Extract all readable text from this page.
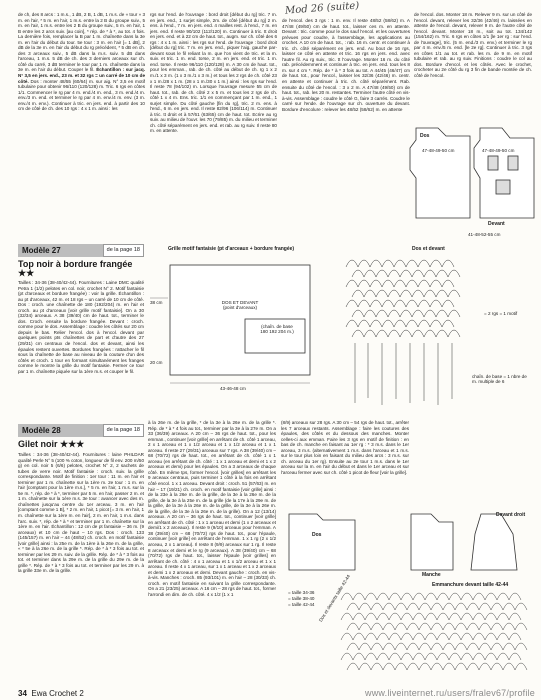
Mod 26 (suite)
de ch, des 8 arcs : 1 m.s., 1 dB, 2 B, 1 dB, 1 m.s. de « tour » 3 m. en l'air, * 5 m. en l'air, 1 m.s. entre la 2 B du groupe suiv., 5 m. en l'air, 1 m.s. entre les 2 B du groupe suiv., 5 m. en l'air, 1 B entre les 2 arcs suiv. [au coin], * rép. de * à *, au tot. 4 fois. La dernière fois, remplacer la B par 1 m. chaînette dans la 3e m. en l'air du début du tour. 5e tour : 3 m. en l'air [= 1 dB], 2 dB de la 3e m. en l'air du début du rg précédent, * 5 dB en ch. des 3 arceaux suiv., 5 dB dans la m.s. suiv. 5 dB dans l'arceau, 1 m.s. 5 dB de ch. des 3 derniers arceaux sur ch. côté du carré, 3 dB terminer le tour par 1 m. chaînette dans la 3e m. en l'air du début. Couper le fil. Échantillon : sur jacq. N° 3,5 en jers. end., 23 m. et 32 rgs = un carré de 10 cm de côté. Dos : monter 48/55 (60/64) m. sur aig. N° 3,5 en motif tubulaire pour obtenir 96/110 (120/128) m. Tric. 6 rgs en côtes 1/1. Commencer le rg par 4 m. end./4 m. end., 3 m. end./4 m. env./3 m. end. et terminer le rg par 4 m. env./4 m. env. (3 m. env./4 m. env.). Continuer à tric. en jers. end. à partir des 10 cm de côté de ch. des 10 rgs : 4 x 1 m. ainsi : les
rgs sur l'end. de l'ouvrage : bord droit [début du rg] tric. 7 m. en jers. end., 1 surjet simple, 2m. de côté [début du rg] 2 m. ens. à l'end., 7 m. en jers. end. 4 mailles rest. à l'end., 7 m. en jers. end. Il reste 90/102 (112/120) m. Continuer à tric. tt droit en jers. end. et à 22 cm de haut. tot., augm. sur ch. côté des 6 rgs : 4 x 1 m. ainsi : les rgs sur l'end. de l'ouvrage : bord droit [début du rg] tric. 7 m. en jers. end., piquer l'aig. gauche par-devant sous le fil reliant la m. que l'on vient de tric. et la m. suiv. et tric. 1 m. end. torse, 2 m. en jers. end. et tric. 1 m. end. torse. Il reste 96/110 (120/128) m. A 30 cm de haut. tot., pour les emman., rab. de ch. côté au début de ch. rg 1 x 2 m./1 x 3 m. (1 x 3 m./1 x 3 m.) et tous les 2 rgs de ch. côté 23 x 1 m./28 x 1 m. (28 x 1 m./30 x 1 m.) ainsi : les rgs sur l'end. Il reste 78 (94/102) m. Lorsque l'ouvrage mesure 55 cm de haut. tot., rab. de ch. côté 2 x 5 m. et tous les 2 rgs de ch. côté 1 x 4 m. Ens. tric. 1/1 en commençant par 1 m. end., 1 surjet simple. Du côté gauche [fin du rg], tric. 2 m. ens. à l'end., 6 m. en jers. end. Il reste 82/96 (106/114) m. Continuer à tric. tt droit et à 57/61 (63/65) cm de haut. tot. Ecrire au rg suiv. au milieu de l'ouvr. les 70 (79/85) m. du milieu et terminer ch. côté séparément en jers. end. et rab. au rg suiv. Il reste 80 m. en attente.
de l'encol. des 3 rgs : 1 m. env. Il reste 48/52 (58/62) m. A 47/48 (49/50) cm de haut. tot., laisser ces m. en attente. Devant : tric. comme pour le dos sauf l'encol. et les ouvertures prévues pour coudre, à l'assemblage, les applications au crochet. A 10 cm de haut. tot., : rab. 16 m. centr. et continuer à tric. ch. côté séparément en jers. end. Au bout de 16 rgs, laisser ce côté en attente et tric. 16 rgs en jers. end. avec l'autre fil. Au rg suiv., tric. tt l'ouvrage. Monter 16 m. du côté rab. précédemment et continuer à tric. en jers. end. tous les 8 m. sur 4 cm *. Rép. de * à * 3 fois au tot. A 44/45 (46/47) cm de haut. tot., pour l'encol., laisser les 32/36 (42/46) m. centr. en attente et continuer à tric. ch. côté séparément. Rab. ensuite du côté de l'encol. : 3 x 2 m. A 47/48 (49/50) cm de haut. tot., rab. les 20 m. restantes. Terminer l'autre côté en vis-à-vis. Assemblage : coudre le côté G, faire 3 carrés. Coudre le carré sur l'ende. de l'ouvrage sur ch. ouverture du devant. Bordure d'encolure : relever les 48/52 (58/62) m. en attente
de l'encol. dos. Monter 18 m. Relever 9 m. sur un côté de l'encol. devant, relever les 32/36 (42/46) m. laissées en attente de l'encol. devant, relever 9 m. de l'autre côté de l'encol. devant. Monter 18 m., soit au tot. 134/142 (154/162) m. Tric. 6 rgs en côtes 1/1 [le 1er rg : sur l'end. de l'ouvrage], tric. (5 m. end./3 m. env.) et terminer le rg par 4 m. env./5 m. end. [le 2e rg]. Continuer à tric. 3 rgs en côtes 1/1 au tot. et rab. les m. de 9 m. en motif tubulaire et rab. au rg suiv. Finitions : coudre le col au dos. Bordure d'encol. et les côtés. Avec le crochet, crocheter au 2e côté du rg 3 fin de bande montée de ch. côté de l'encol.
Dos
Devant
47-48-49-50 cm	47-48-49-50 cm
41-48-52-55 cm
Modèle 27	de la page 18
Top noir à bordure frangée ★★
Tailles : 34-36 (38-40/42-44). Fournitures : Laine DMC qualité Petra 1 (1/2) pelotes en col. noir, crochet N° 2. Motif fantaisie (pt d'arceaux et bordure frangée) : voir la grille. Échantillon : au pt d'arceaux, 42 m. et 18 rgs – un carré de 10 cm de côté. Dos : croch. une chaînette de 180 (192/204) m. en l'air et croch. au pt d'arceaux [voir grille motif fantaisie]. On a 30 (32/34) arceaux. A 38 (39/40) cm de haut. tot., terminer le dos. Croch. ensuite la bordure frangée. Devant : croch. comme pour le dos. Assemblage : coudre les côtés sur 20 cm depuis le bas. Relier l'encol. dos à l'encol. devant par quelques points pts chaînettes de part et d'autre des 27 (29/31) cm centraux de l'encol. dos et devant, ainsi les épaules restent ouvertes. Bordures frangées : rattacher le fil sous la chaînette de base au niveau de la couture d'un des côtés et croch. 1 tour en formant simultanément les franges comme le montre la grille du motif fantaisie. Fermer ce tour par 1 m. chaînette piquée sur la 1ère m.s. et couper le fil.
Grille motif fantaisie (pt d'arceaux + bordure frangée)	Dos et devant
DOS ET DEVANT
(point d'arceaux)
(chaîn. de base
180 192 204 m.)
38 cm
20 cm
43-46-48 cm
= 2 rgs = 1 motif
chaîn. de base = 1 nbre de m. multiple de 6
Modèle 28	de la page 18
Gilet noir ★★★
Tailles : 34-36 (38-40/42-44). Fournitures : laine PHILDAR qualité Perle N° 5 (100 % coton, longueur de fil env. 200 m/50 g) en col. noir 5 (6/6) pelotes, crochet N° 2, 2 sachets de tubes de verre noir. Motif fantaisie : croch. suiv. la grille correspondante. Motif de finition : 1er tour : 11 m. en l'air et terminer par 1 m. chaînette sur la 1ère m. 2e tour : 1 m. en l'air [comptant pour la 1ère m.s.], * 5 m. en l'air, 1 m.s. sur la 5e m. *, rép. de * à *, terminer par 5 m. en l'air, passer 2 m. et 1 m. chaînette sur la 1ère m.s. 3e tour : avancer avec des m. chaînettes jusqu'au centre du 1er arceau. 3 m. en l'air [comptant comme 1 B], * 2 m. en l'air, 1 picot [= 3 m. en l'air, 1 m. chaînette sur la 1ère m. en l'air], 2 m. en l'air, 1 m.s. dans l'arc. suiv. *, rép. de * à * et terminer par 1 m. chaînette sur la 1ère m. en l'air. Échantillon : 12 cm de pt fantaisie – 36 m. (9 arceaux) et 10 cm de haut – 10 rgs. Dos : croch. 133 (145/157) m. en l'air – 44 (48/52) ch. croch. en motif fantaisie [voir grille] ainsi : la 25e m. de la 1ère à la 26e m. de la grille, « * 5e à la 26e m. de la grille *. Rép. de * à * 3 fois au tot. et terminer par les 29 m. suiv. de la grille. Rép. de * à * 3 fois au tot. et terminer dans la 29e m. de la grille du 29e m. de la grille *. Rép. de * à * 3 fois au tot. et terminer par les 29 m. à la grille 33e m. de la grille.
à la 26e m. de la grille, * de la 3e à la 26e m. de la grille *. Rép. de * à * 4 fois au tot., terminer par la 3e à la 27e m. On a 33 (36/39) arceaux. A 20 cm – 36 rgs de haut. tot., pour les emman., continuer [voir grille] en arrêtant de ch. côté 1 arceau, 2 x 1 arceau et 1 x 1/2 arceau et 1 x 1/2 arceau et 1 x 1 arceau. Il reste 27 (29/31) arceaux sur 7 rgs. A 38 (39/40) cm – 68 (70/72) rgs de haut. tot., en arrêtant de ch. côté 1 x 1 arceau (en arrêtant de ch. côté : 1 x 1 arceau et demi et 1 x 2 arceaux et demi) pour les épaules. On a 3 arceaux de chaque côté. En même tps, former l'encol. [voir grilles] en arrêtant les 9 arceaux centraux, puis terminer 1 côté à la fois en arrêtant côté encol. 1 x 1 arceau. Devant droit : croch. 51 (57/63) m. en l'air – 17 (19/21) ch. croch. en motif fantaisie [voir grille] ainsi : de la 23e à la 26e m. de la grille, de la 3e à la 26e m. de la grille, de la 3e à la 25e m. de la grille (de la 17e à la 29e m. de la grille, de la 3e à la 26e m. de la grille, de la 3e à la 26e m. de la grille, de la 3e à la 26e m. de la grille). On a 12 (13/14) arceaux. A 20 cm – 36 rgs de haut. tot., continuer [voir grille] en arrêtant de ch. côté : 1 x 1 arceau et demi (1 x 2 arceaux et demi/1 x 2 arceaux). Il reste 9 (9/10) arceaux pour l'emman. A 38 (39/40) cm – 68 (70/72) rgs de haut. tot., pour l'épaule, continuer [voir grille] en arrêtant de l'emman. 1 x 1 rg (2 x 1/2 arceau, 2 x 1 arceau). Il reste 8 (9/9) arceaux sur 1 rg. Il reste 8 arceaux et demi et le rg (9 arceaux). A 38 (39/40) cm – 68 (70/72) rgs de haut. tot., laisser l'épaule [voir grilles] en arrêtant de ch. côté : 4 x 1 arceau et 1 x 1/2 arceau et 1 x 1 arceau. Il reste 4 x 1 arceau, sur 1 x 1 arceau et 1 x 2 arceaux et demi 1 x 2 arceaux et demi. Devant gauche : croch. en vis-à-vis. Manches : croch. 85 (93/101) m. en l'air – 28 (30/33) ch. croch. en motif fantaisie en suivant la grille correspondante. On a 21 (23/25) arceaux. A 16 cm – 28 rgs de haut. tot., former l'arrondi en dim. de ch. côté. 4 x 1/2 (1 x 1
(8/9) arceaux sur 28 rgs. A 30 cm – 54 rgs de haut. tot., arrêter les 7 arceaux restants. Assemblage : faire les coutures des épaules, des côtés et du dessous des manches. Monter celles-ci aux emman. Faire les 3 rgs en motif de finition : en bas de ch. manche en faisant au 1er rg : * 3 m.s. dans le 1er arceau, 3 m.s. (alternativement 1 m.s. dans l'arceau et 1 m.s. sur le tour plus loin en faisant du milieu des arcs : 3 m.s. sur ch. arceau du 1er rg). Ensuite au 2e tour 1 m.s. dans le 1er arceau sur la m. en l'air du début et dans le 1er arceau et sur l'arceau fermer avec sur ch. côté 1 picot de fleur [voir la grille].
Dos
Devant droit
Manche
Emmanchure devant taille 42-44
= taille 34-36
= taille 38-40
= taille 42-44 Dos et devants taille 42-44
34 Ewa Crochet 2	www.liveinternet.ru/users/fralev67/profile
